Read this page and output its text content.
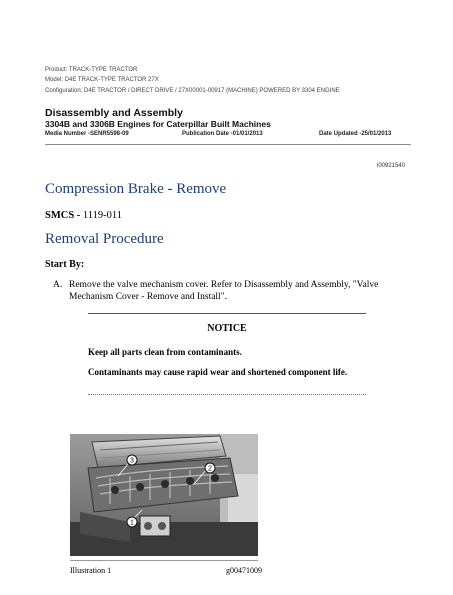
Product: TRACK-TYPE TRACTOR
Model: D4E TRACK-TYPE TRACTOR 27X
Configuration: D4E TRACTOR / DIRECT DRIVE / 27X00001-00917 (MACHINE) POWERED BY 3304 ENGINE
Disassembly and Assembly
3304B and 3306B Engines for Caterpillar Built Machines
Media Number -SENR5598-09	Publication Date -01/01/2013	Date Updated -25/01/2013
i00921540
Compression Brake - Remove
SMCS - 1119-011
Removal Procedure
Start By:
A. Remove the valve mechanism cover. Refer to Disassembly and Assembly, "Valve Mechanism Cover - Remove and Install".
NOTICE
Keep all parts clean from contaminants.
Contaminants may cause rapid wear and shortened component life.
3
2
1
Illustration 1	g00471009
